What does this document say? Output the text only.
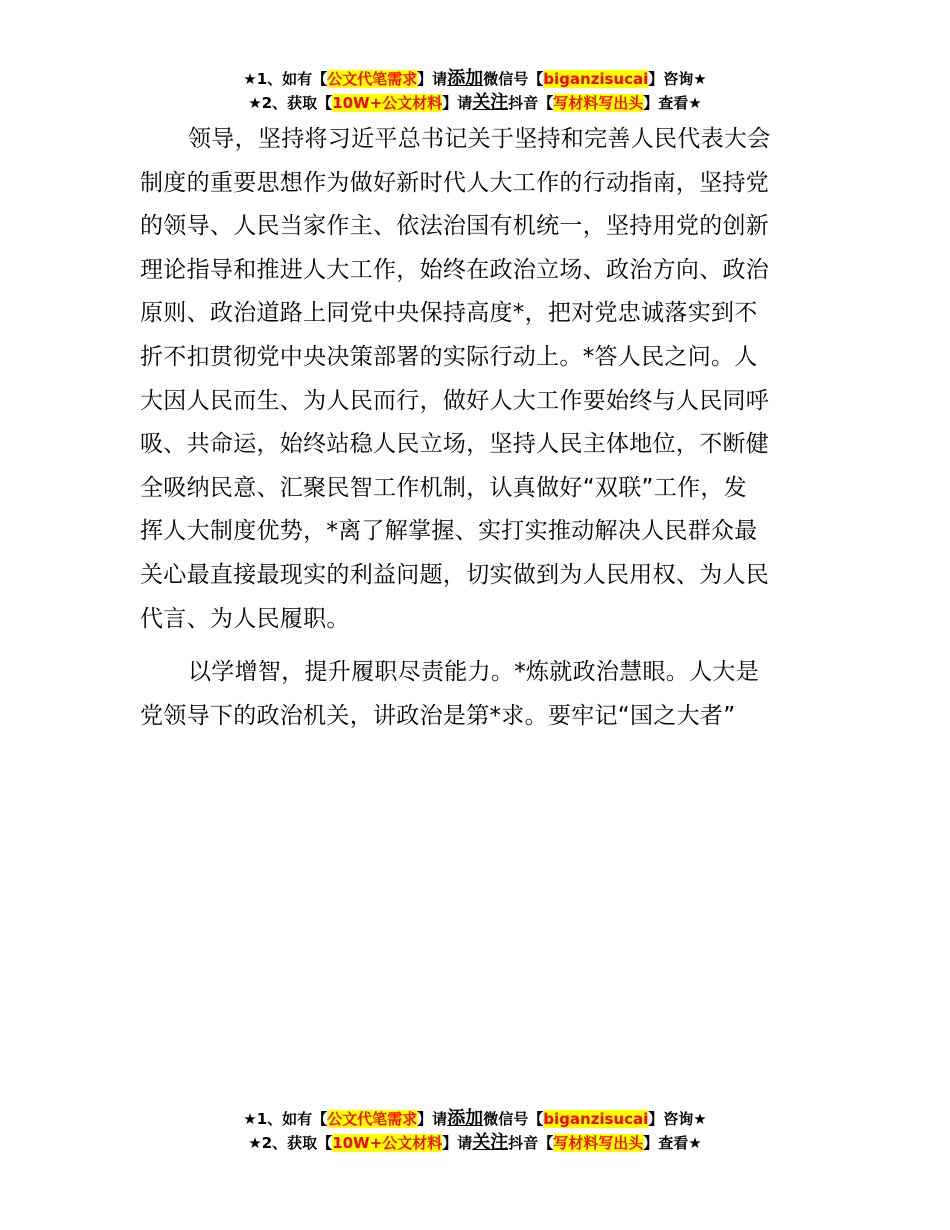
★1、如有【公文代笔需求】请添加微信号【biganzisucai】咨询★
★2、获取【10W+公文材料】请关注抖音【写材料写出头】查看★

领导，坚持将习近平总书记关于坚持和完善人民代表大会

制度的重要思想作为做好新时代人大工作的行动指南，坚持党

的领导、人民当家作主、依法治国有机统一，坚持用党的创新

理论指导和推进人大工作，始终在政治立场、政治方向、政治

原则、政治道路上同党中央保持高度*，把对党忠诚落实到不

折不扣贯彻党中央决策部署的实际行动上。*答人民之问。人

大因人民而生、为人民而行，做好人大工作要始终与人民同呼

吸、共命运，始终站稳人民立场，坚持人民主体地位，不断健

全吸纳民意、汇聚民智工作机制，认真做好“双联”工作，发

挥人大制度优势，*离了解掌握、实打实推动解决人民群众最

关心最直接最现实的利益问题，切实做到为人民用权、为人民

代言、为人民履职。

以学增智，提升履职尽责能力。*炼就政治慧眼。人大是

党领导下的政治机关，讲政治是第*求。要牢记“国之大者”

★1、如有【公文代笔需求】请添加微信号【biganzisucai】咨询★
★2、获取【10W+公文材料】请关注抖音【写材料写出头】查看★
